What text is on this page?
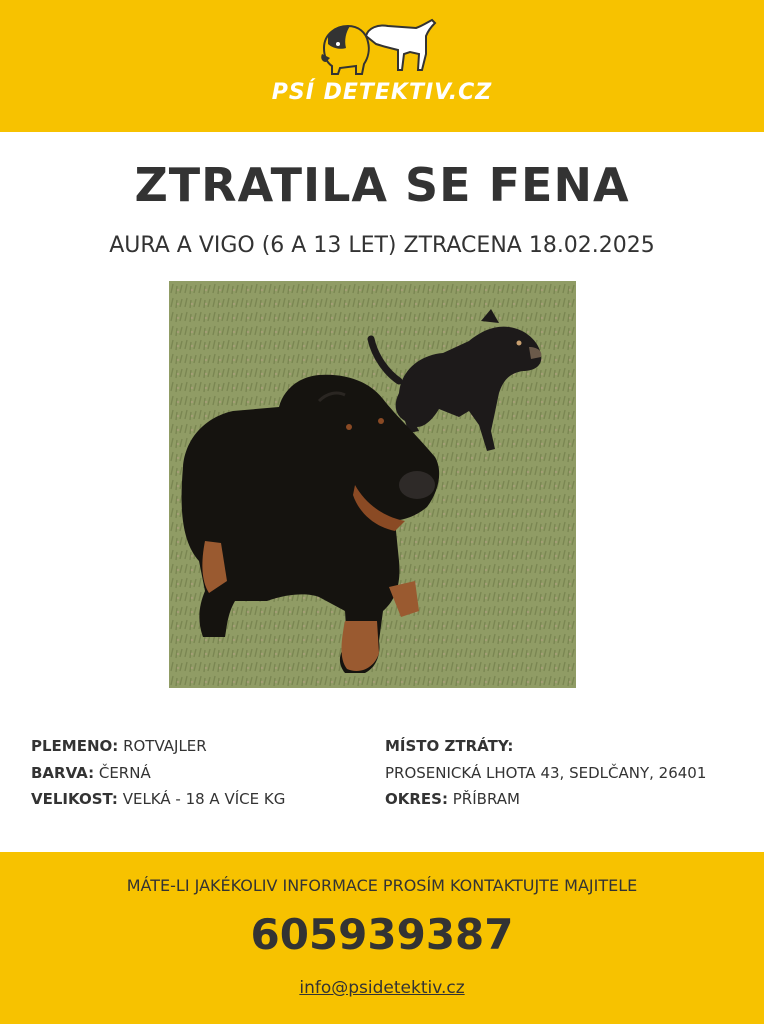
PSÍ DETEKTIV.CZ
ZTRATILA SE FENA
AURA A VIGO (6 A 13 LET) ZTRACENA 18.02.2025
PLEMENO: ROTVAJLER
BARVA: ČERNÁ
VELIKOST: VELKÁ - 18 A VÍCE KG
MÍSTO ZTRÁTY:
PROSENICKÁ LHOTA 43, SEDLČANY, 26401
OKRES: PŘÍBRAM
MÁTE-LI JAKÉKOLIV INFORMACE PROSÍM KONTAKTUJTE MAJITELE
605939387
info@psidetektiv.cz
